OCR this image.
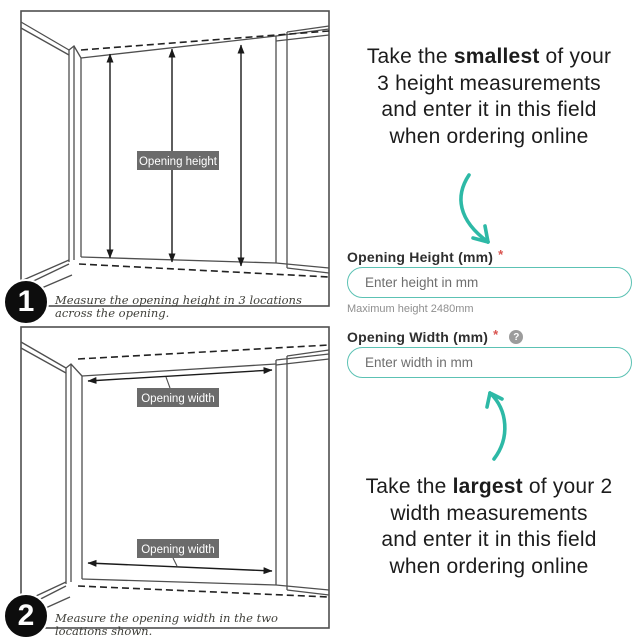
Opening height
1	Measure the opening height in 3 locations across the opening.
Opening width
Opening width
2	Measure the opening width in the two locations shown.

Take the smallest of your
3 height measurements
and enter it in this field
when ordering online

Opening Height (mm) *
Enter height in mm
Maximum height 2480mm
Opening Width (mm) *	?
Enter width in mm

Take the largest of your 2
width measurements
and enter it in this field
when ordering online
